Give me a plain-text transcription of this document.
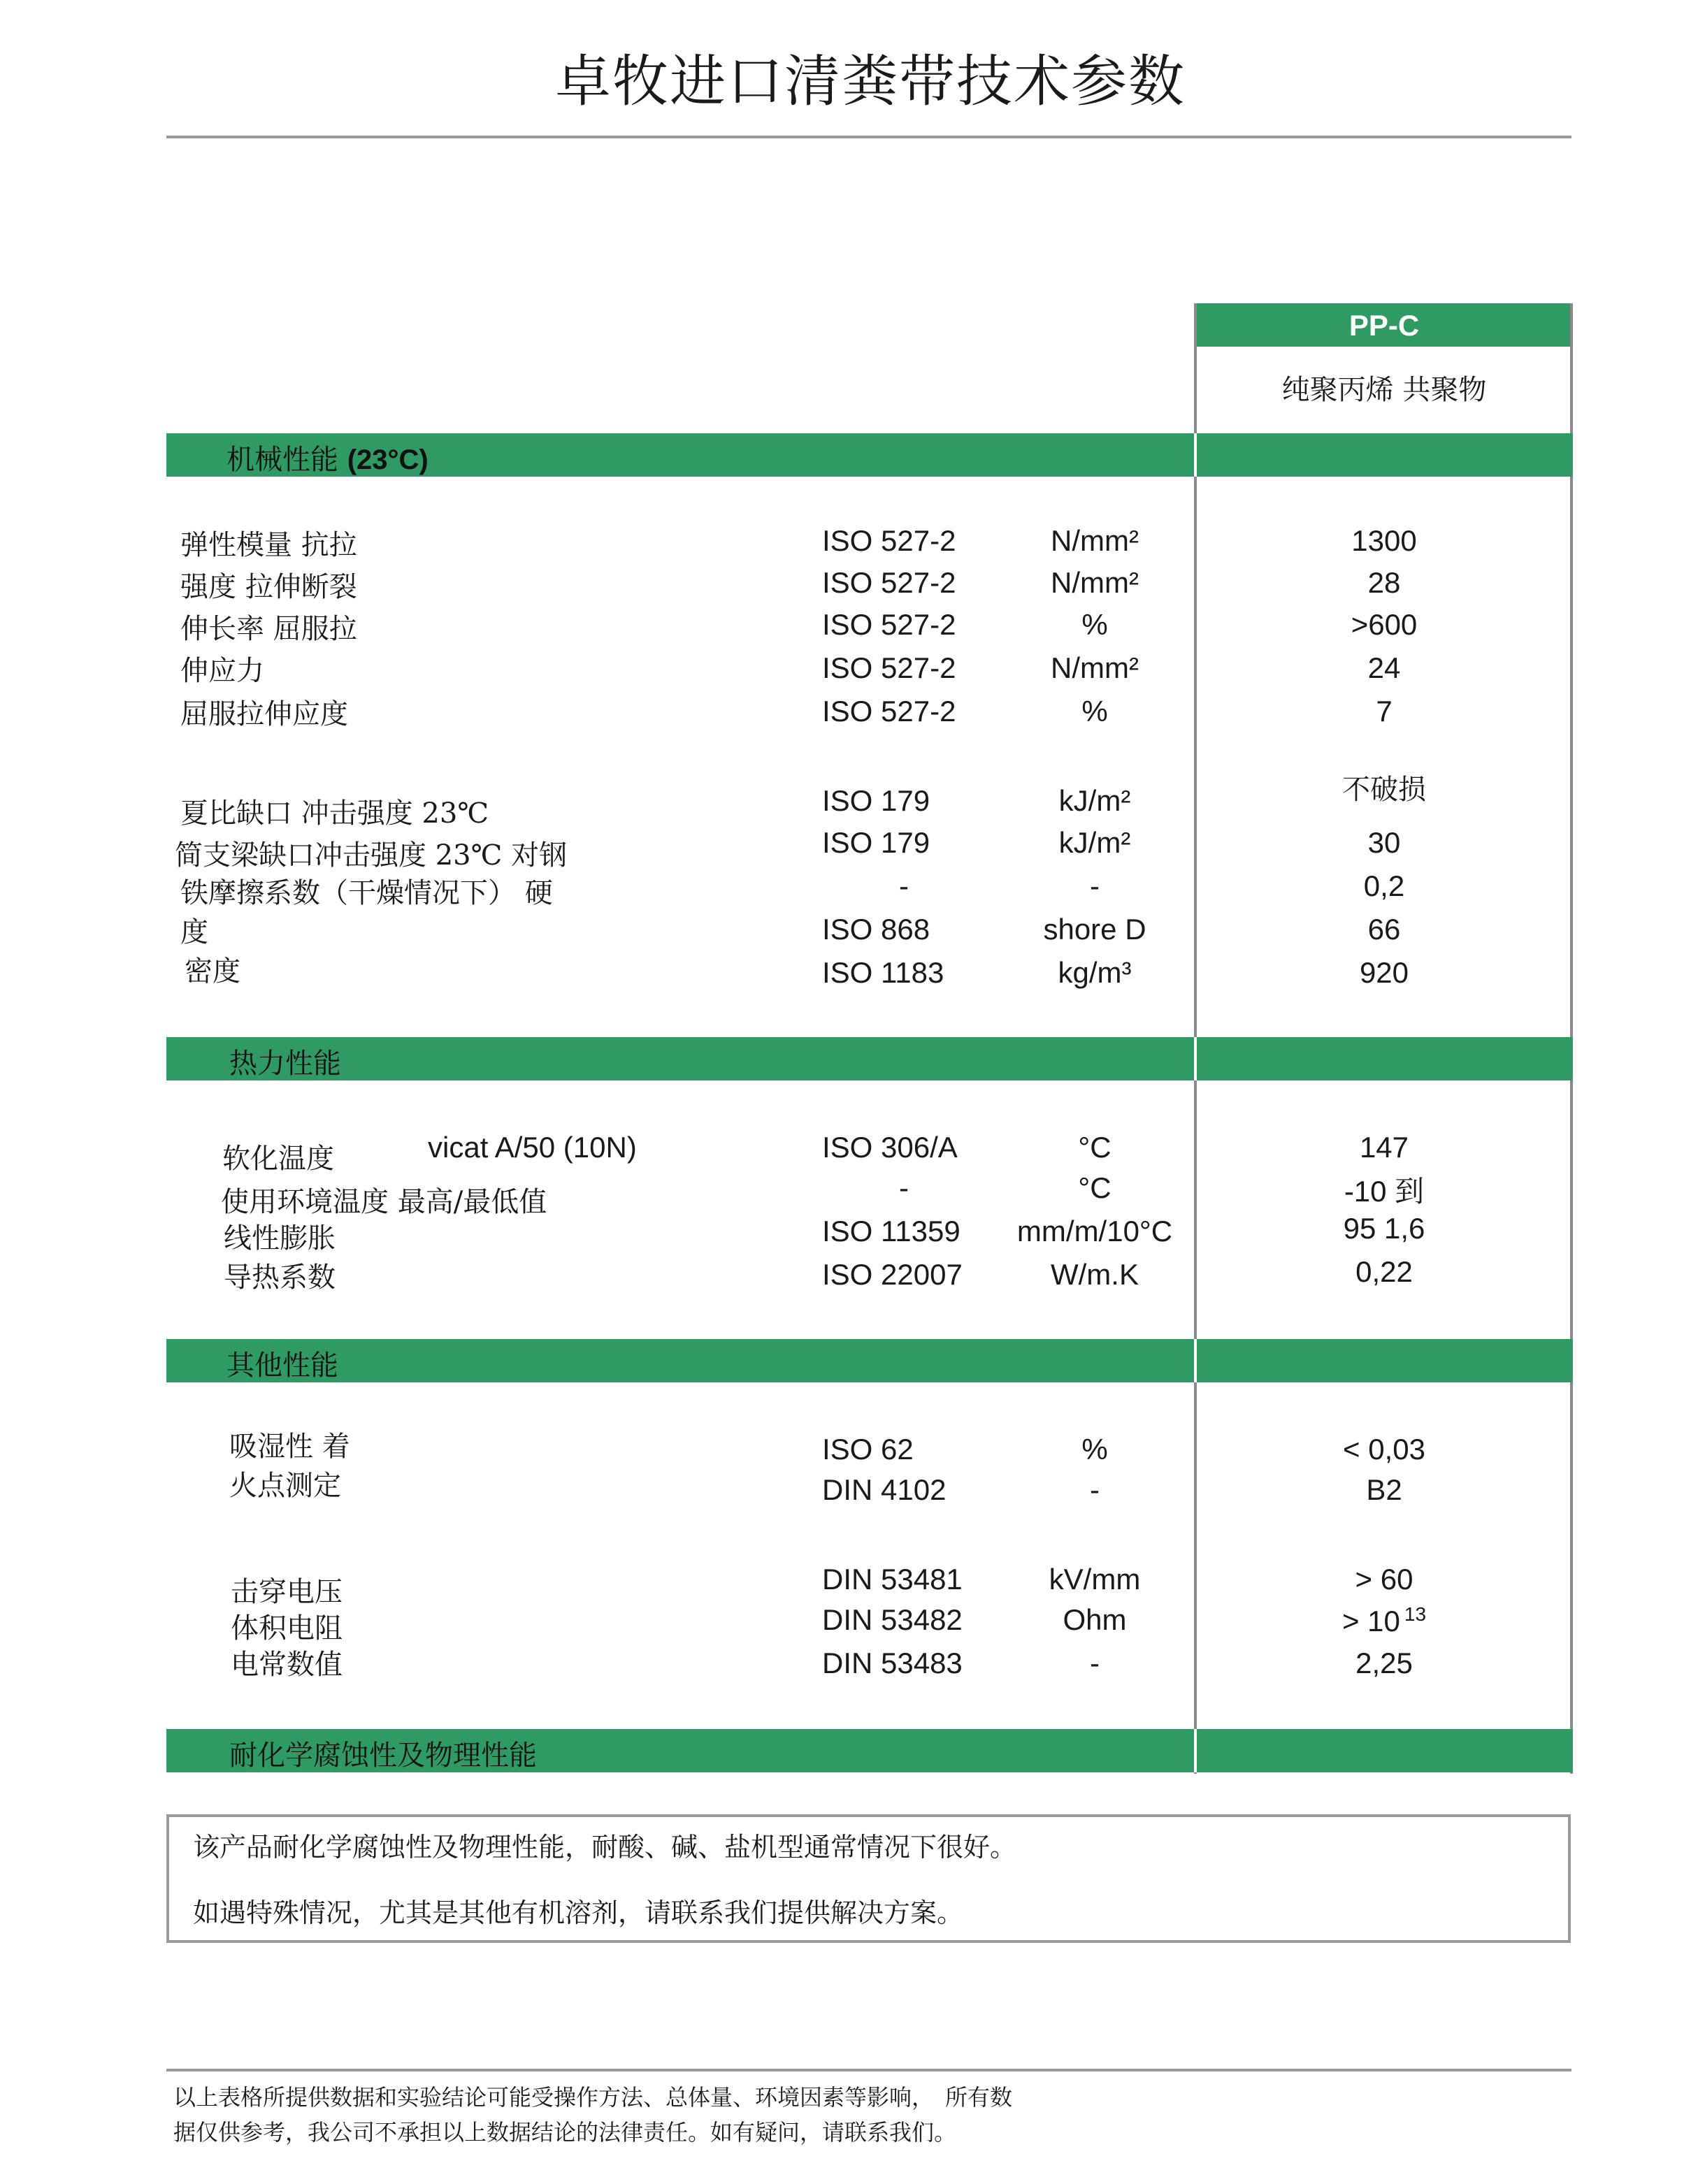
卓牧进口清粪带技术参数
PP-C
纯聚丙烯 共聚物
机械性能 (23°C)
热力性能
其他性能
耐化学腐蚀性及物理性能
弹性模量 抗拉
强度 拉伸断裂
伸长率 屈服拉
伸应力
屈服拉伸应度
夏比缺口 冲击强度 23℃
简支梁缺口冲击强度 23℃ 对钢
铁摩擦系数（干燥情况下） 硬
度
密度
ISO 527-2
ISO 527-2
ISO 527-2
ISO 527-2
ISO 527-2
ISO 179
ISO 179
-
ISO 868
ISO 1183
N/mm²
N/mm²
%
N/mm²
%
kJ/m²
kJ/m²
-
shore D
kg/m³
1300
28
>600
24
7
不破损
30
0,2
66
920
软化温度	vicat A/50 (10N)
使用环境温度 最高/最低值
线性膨胀
导热系数
ISO 306/A
-
ISO 11359
ISO 22007
°C
°C
mm/m/10°C
W/m.K
147
-10 到
95 1,6
0,22
吸湿性 着
火点测定
击穿电压
体积电阻
电常数值
ISO 62
DIN 4102
DIN 53481
DIN 53482
DIN 53483
%
-
kV/mm
Ohm
-
< 0,03
B2
> 60
> 10 $^{13}$
2,25
该产品耐化学腐蚀性及物理性能，耐酸、碱、盐机型通常情况下很好。
如遇特殊情况，尤其是其他有机溶剂，请联系我们提供解决方案。
以上表格所提供数据和实验结论可能受操作方法、总体量、环境因素等影响，　所有数
据仅供参考，我公司不承担以上数据结论的法律责任。如有疑问，请联系我们。
